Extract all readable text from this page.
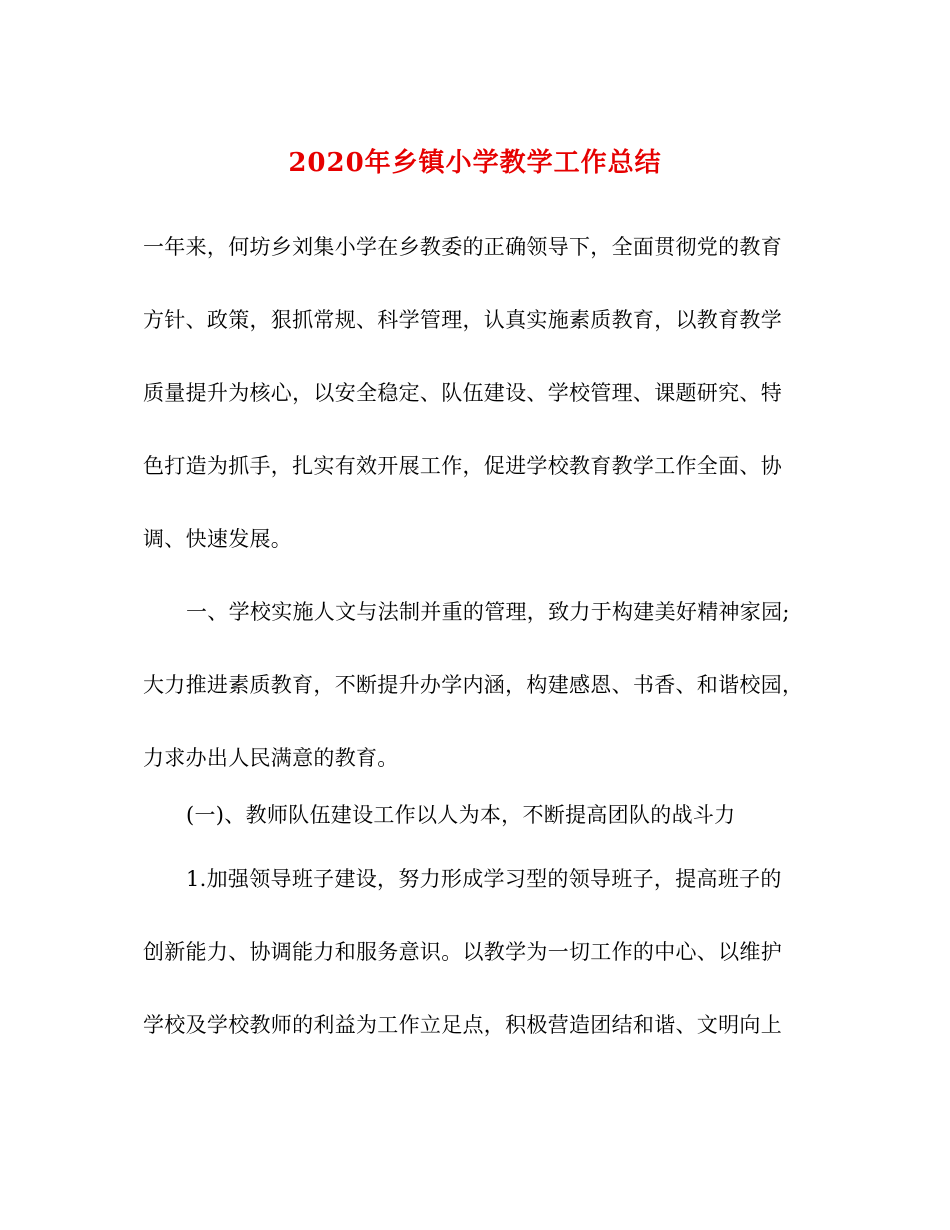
2020年乡镇小学教学工作总结
一年来，何坊乡刘集小学在乡教委的正确领导下，全面贯彻党的教育
方针、政策，狠抓常规、科学管理，认真实施素质教育，以教育教学
质量提升为核心，以安全稳定、队伍建设、学校管理、课题研究、特
色打造为抓手，扎实有效开展工作，促进学校教育教学工作全面、协
调、快速发展。
一、学校实施人文与法制并重的管理，致力于构建美好精神家园;
大力推进素质教育，不断提升办学内涵，构建感恩、书香、和谐校园，
力求办出人民满意的教育。
(一)、教师队伍建设工作以人为本，不断提高团队的战斗力
1.加强领导班子建设，努力形成学习型的领导班子，提高班子的
创新能力、协调能力和服务意识。以教学为一切工作的中心、以维护
学校及学校教师的利益为工作立足点，积极营造团结和谐、文明向上
